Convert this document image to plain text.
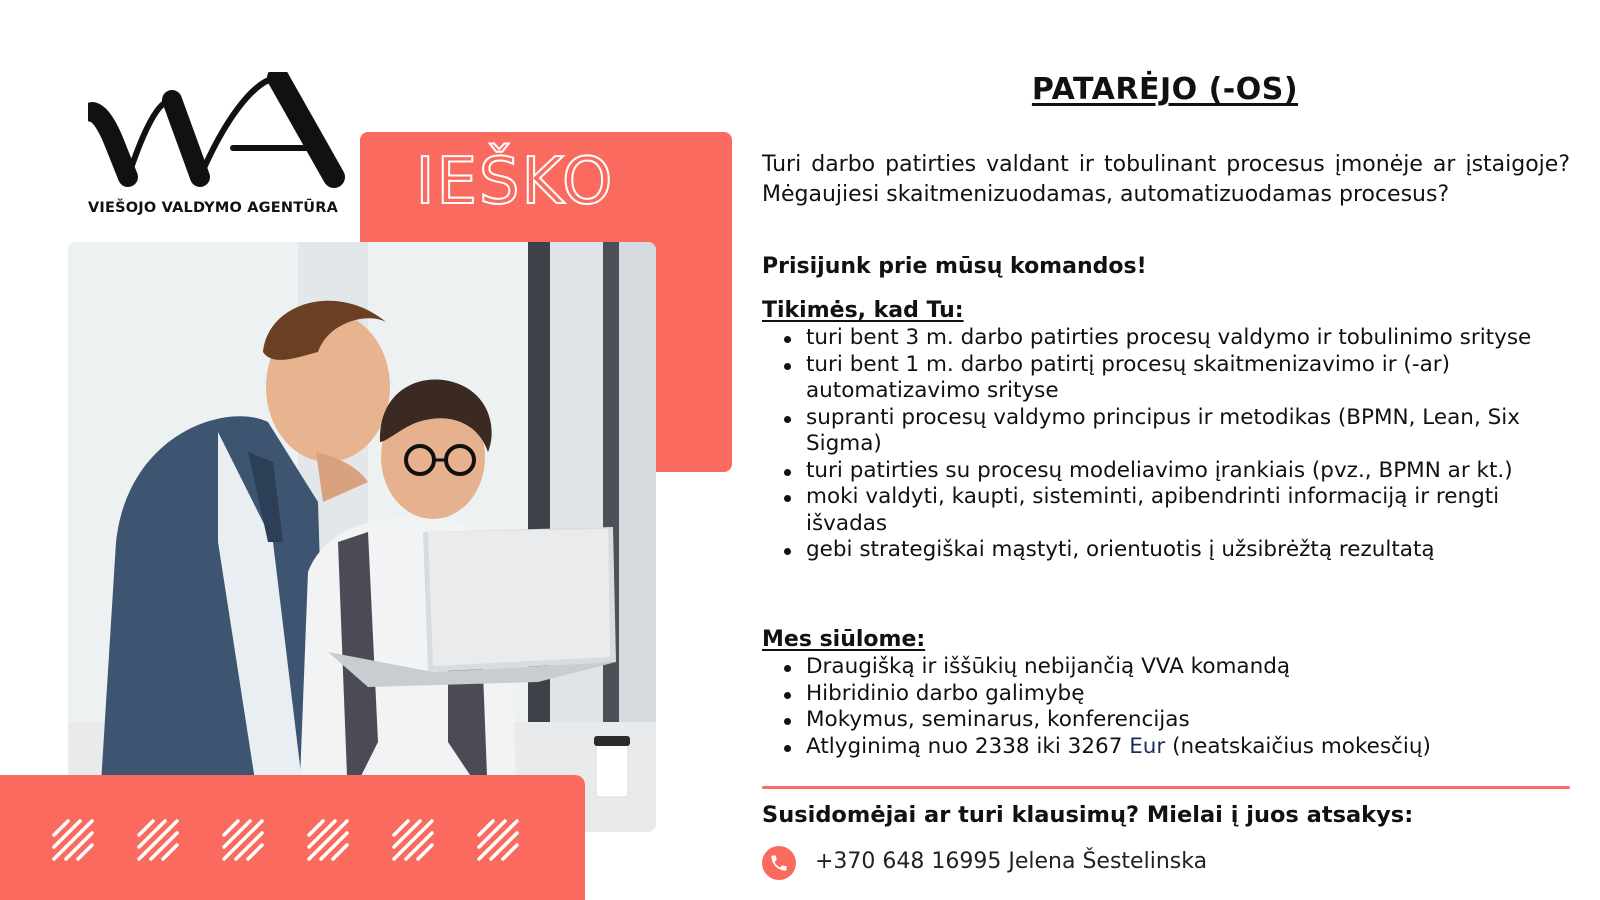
VIEŠOJO VALDYMO AGENTŪRA	IEŠKO
PATARĖJO (-OS)

Turi darbo patirties valdant ir tobulinant procesus įmonėje ar įstaigoje? Mėgaujiesi skaitmenizuodamas, automatizuodamas procesus?

Prisijunk prie mūsų komandos!
Tikimės, kad Tu:
turi bent 3 m. darbo patirties procesų valdymo ir tobulinimo srityse
turi bent 1 m. darbo patirtį procesų skaitmenizavimo ir (-ar) automatizavimo srityse
supranti procesų valdymo principus ir metodikas (BPMN, Lean, Six Sigma)
turi patirties su procesų modeliavimo įrankiais (pvz., BPMN ar kt.)
moki valdyti, kaupti, sisteminti, apibendrinti informaciją ir rengti išvadas
gebi strategiškai mąstyti, orientuotis į užsibrėžtą rezultatą
Mes siūlome:
Draugišką ir iššūkių nebijančią VVA komandą
Hibridinio darbo galimybę
Mokymus, seminarus, konferencijas
Atlyginimą nuo 2338 iki 3267 Eur (neatskaičius mokesčių)
Susidomėjai ar turi klausimų? Mielai į juos atsakys:
+370 648 16995 Jelena Šestelinska
